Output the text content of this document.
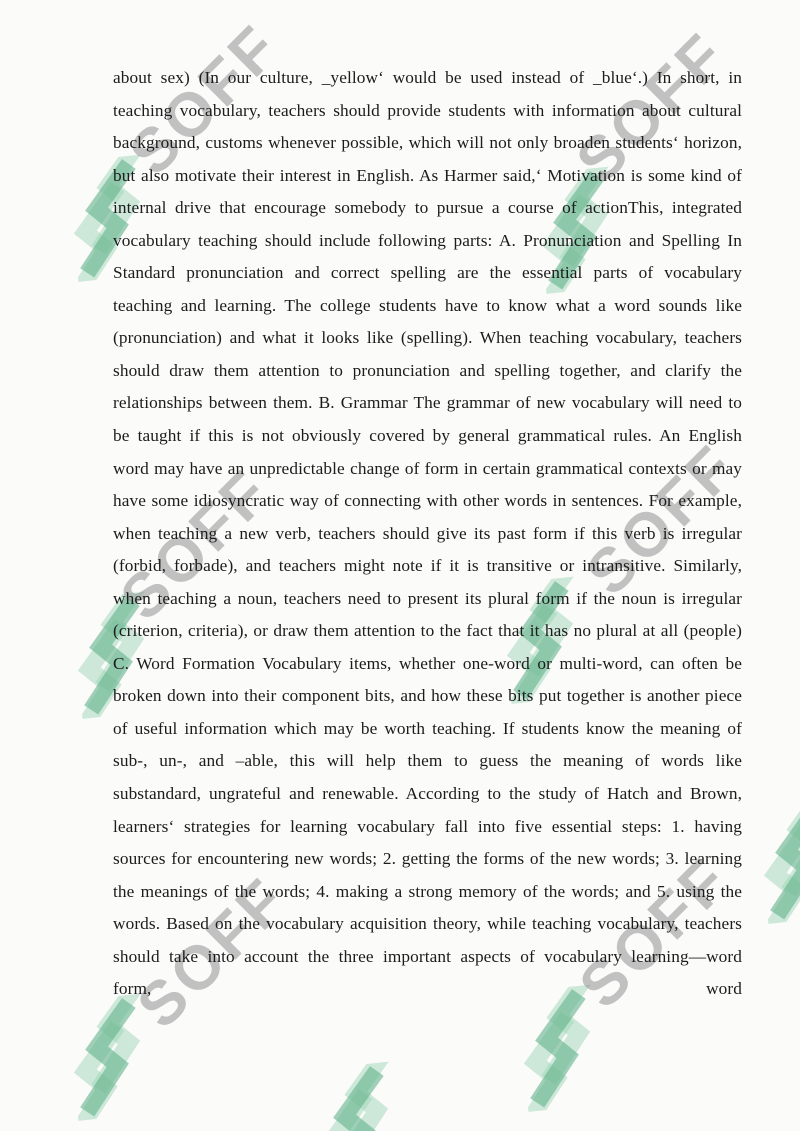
SOFF	SOFF
SOFF	SOFF
SOFF	SOFF

about sex) (In our culture, _yellow‘ would be used instead of _blue‘.) In short, in teaching vocabulary, teachers should provide students with information about cultural background, customs whenever possible, which will not only broaden students‘ horizon, but also motivate their interest in English. As Harmer said,‘ Motivation is some kind of internal drive that encourage somebody to pursue a course of actionThis, integrated vocabulary teaching should include following parts: A. Pronunciation and Spelling In Standard pronunciation and correct spelling are the essential parts of vocabulary teaching and learning. The college students have to know what a word sounds like (pronunciation) and what it looks like (spelling). When teaching vocabulary, teachers should draw them attention to pronunciation and spelling together, and clarify the relationships between them. B. Grammar The grammar of new vocabulary will need to be taught if this is not obviously covered by general grammatical rules. An English word may have an unpredictable change of form in certain grammatical contexts or may have some idiosyncratic way of connecting with other words in sentences. For example, when teaching a new verb, teachers should give its past form if this verb is irregular (forbid, forbade), and teachers might note if it is transitive or intransitive. Similarly, when teaching a noun, teachers need to present its plural form if the noun is irregular (criterion, criteria), or draw them attention to the fact that it has no plural at all (people) C. Word Formation Vocabulary items, whether one-word or multi-word, can often be broken down into their component bits, and how these bits put together is another piece of useful information which may be worth teaching. If students know the meaning of sub-, un-, and –able, this will help them to guess the meaning of words like substandard, ungrateful and renewable. According to the study of Hatch and Brown, learners‘ strategies for learning vocabulary fall into five essential steps: 1. having sources for encountering new words; 2. getting the forms of the new words; 3. learning the meanings of the words; 4. making a strong memory of the words; and 5. using the words. Based on the vocabulary acquisition theory, while teaching vocabulary, teachers should take into account the three important aspects of vocabulary learning—word form, word
